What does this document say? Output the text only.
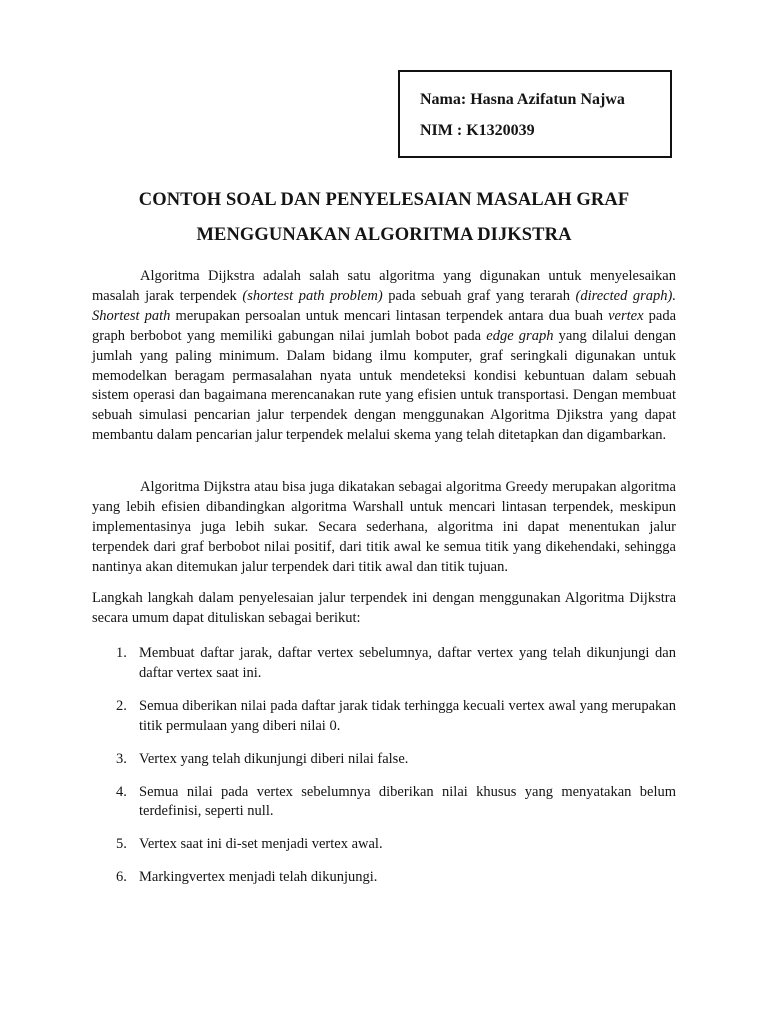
Nama: Hasna Azifatun Najwa
NIM : K1320039
CONTOH SOAL DAN PENYELESAIAN MASALAH GRAF
MENGGUNAKAN ALGORITMA DIJKSTRA

Algoritma Dijkstra adalah salah satu algoritma yang digunakan untuk menyelesaikan masalah jarak terpendek (shortest path problem) pada sebuah graf yang terarah (directed graph). Shortest path merupakan persoalan untuk mencari lintasan terpendek antara dua buah vertex pada graph berbobot yang memiliki gabungan nilai jumlah bobot pada edge graph yang dilalui dengan jumlah yang paling minimum. Dalam bidang ilmu komputer, graf seringkali digunakan untuk memodelkan beragam permasalahan nyata untuk mendeteksi kondisi kebuntuan dalam sebuah sistem operasi dan bagaimana merencanakan rute yang efisien untuk transportasi. Dengan membuat sebuah simulasi pencarian jalur terpendek dengan menggunakan Algoritma Djikstra yang dapat membantu dalam pencarian jalur terpendek melalui skema yang telah ditetapkan dan digambarkan.

Algoritma Dijkstra atau bisa juga dikatakan sebagai algoritma Greedy merupakan algoritma yang lebih efisien dibandingkan algoritma Warshall untuk mencari lintasan terpendek, meskipun implementasinya juga lebih sukar. Secara sederhana, algoritma ini dapat menentukan jalur terpendek dari graf berbobot nilai positif, dari titik awal ke semua titik yang dikehendaki, sehingga nantinya akan ditemukan jalur terpendek dari titik awal dan titik tujuan.

Langkah langkah dalam penyelesaian jalur terpendek ini dengan menggunakan Algoritma Dijkstra secara umum dapat dituliskan sebagai berikut:

1. Membuat daftar jarak, daftar vertex sebelumnya, daftar vertex yang telah dikunjungi dan daftar vertex saat ini.
2. Semua diberikan nilai pada daftar jarak tidak terhingga kecuali vertex awal yang merupakan titik permulaan yang diberi nilai 0.
3. Vertex yang telah dikunjungi diberi nilai false.
4. Semua nilai pada vertex sebelumnya diberikan nilai khusus yang menyatakan belum terdefinisi, seperti null.
5. Vertex saat ini di-set menjadi vertex awal.
6. Markingvertex menjadi telah dikunjungi.
